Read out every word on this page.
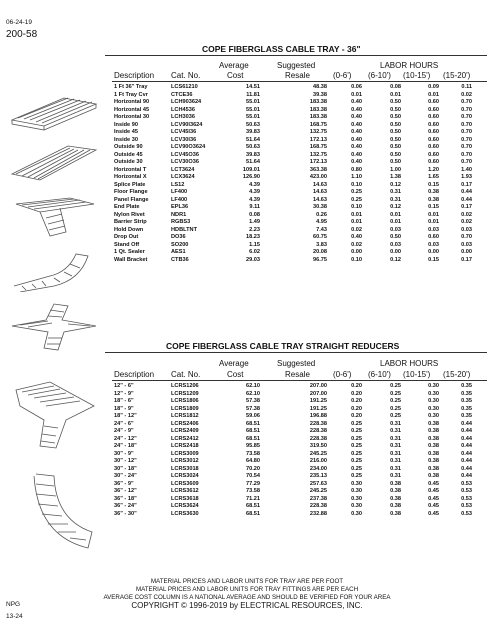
06-24-19
200-58
COPE FIBERGLASS CABLE TRAY - 36"
Average	Suggested	LABOR HOURS
Description Cat. No.	Cost	Resale	(0-6') (6-10') (10-15') (15-20')
1 Ft 36" Tray	LCS61210	14.51	48.38	0.06	0.08	0.09	0.11
1 Ft Tray Cvr	CTCE36	11.81	39.38	0.01	0.01	0.01	0.02
Horizontal 90	LCH903624	55.01	183.38	0.40	0.50	0.60	0.70
Horizontal 45	LCH4536	55.01	183.38	0.40	0.50	0.60	0.70
Horizontal 30	LCH3036	55.01	183.38	0.40	0.50	0.60	0.70
Inside 90	LCV90I3624	50.63	168.75	0.40	0.50	0.60	0.70
Inside 45	LCV45I36	39.83	132.75	0.40	0.50	0.60	0.70
Inside 30	LCV30I36	51.64	172.13	0.40	0.50	0.60	0.70
Outside 90	LCV90O3624	50.63	168.75	0.40	0.50	0.60	0.70
Outside 45	LCV45O36	39.83	132.75	0.40	0.50	0.60	0.70
Outside 30	LCV30O36	51.64	172.13	0.40	0.50	0.60	0.70
Horizontal T	LCT3624	109.01	363.38	0.80	1.00	1.20	1.40
Horizontal X	LCX3624	126.90	423.00	1.10	1.38	1.65	1.93
Splice Plate	LS12	4.39	14.63	0.10	0.12	0.15	0.17
Floor Flange	LF400	4.39	14.63	0.25	0.31	0.38	0.44
Panel Flange	LF400	4.39	14.63	0.25	0.31	0.38	0.44
End Plate	EPL36	9.11	30.38	0.10	0.12	0.15	0.17
Nylon Rivet	NDR1	0.08	0.26	0.01	0.01	0.01	0.02
Barrier Strip	RGBS3	1.49	4.95	0.01	0.01	0.01	0.02
Hold Down	HDBLTNT	2.23	7.43	0.02	0.03	0.03	0.03
Drop Out	DO36	18.23	60.75	0.40	0.50	0.60	0.70
Stand Off	SO200	1.15	3.83	0.02	0.03	0.03	0.03
1 Qt. Sealer	AES1	6.02	20.08	0.00	0.00	0.00	0.00
Wall Bracket	CTB36	29.03	96.75	0.10	0.12	0.15	0.17
COPE FIBERGLASS CABLE TRAY STRAIGHT REDUCERS
Average	Suggested	LABOR HOURS
Description Cat. No.	Cost	Resale	(0-6') (6-10') (10-15') (15-20')
12" - 6"	LCRS1206	62.10	207.00	0.20	0.25	0.30	0.35
12" - 9"	LCRS1209	62.10	207.00	0.20	0.25	0.30	0.35
18" - 6"	LCRS1806	57.38	191.25	0.20	0.25	0.30	0.35
18" - 9"	LCRS1809	57.38	191.25	0.20	0.25	0.30	0.35
18" - 12"	LCRS1812	59.06	196.88	0.20	0.25	0.30	0.35
24" - 6"	LCRS2406	68.51	228.38	0.25	0.31	0.38	0.44
24" - 9"	LCRS2409	68.51	228.38	0.25	0.31	0.38	0.44
24" - 12"	LCRS2412	68.51	228.38	0.25	0.31	0.38	0.44
24" - 18"	LCRS2418	95.85	319.50	0.25	0.31	0.38	0.44
30" - 9"	LCRS3009	73.58	245.25	0.25	0.31	0.38	0.44
30" - 12"	LCRS3012	64.80	216.00	0.25	0.31	0.38	0.44
30" - 18"	LCRS3018	70.20	234.00	0.25	0.31	0.38	0.44
30" - 24"	LCRS3024	70.54	235.13	0.25	0.31	0.38	0.44
36" - 9"	LCRS3609	77.29	257.63	0.30	0.38	0.45	0.53
36" - 12"	LCRS3612	73.58	245.25	0.30	0.38	0.45	0.53
36" - 18"	LCRS3618	71.21	237.38	0.30	0.38	0.45	0.53
36" - 24"	LCRS3624	68.51	228.38	0.30	0.38	0.45	0.53
36" - 30"	LCRS3630	68.51	232.88	0.30	0.38	0.45	0.53
MATERIAL PRICES AND LABOR UNITS FOR TRAY ARE PER FOOT
MATERIAL PRICES AND LABOR UNITS FOR TRAY FITTINGS ARE PER EACH
AVERAGE COST COLUMN IS A NATIONAL AVERAGE AND SHOULD BE VERIFIED FOR YOUR AREA
COPYRIGHT © 1996-2019 by ELECTRICAL RESOURCES, INC.
NPG
13-24
